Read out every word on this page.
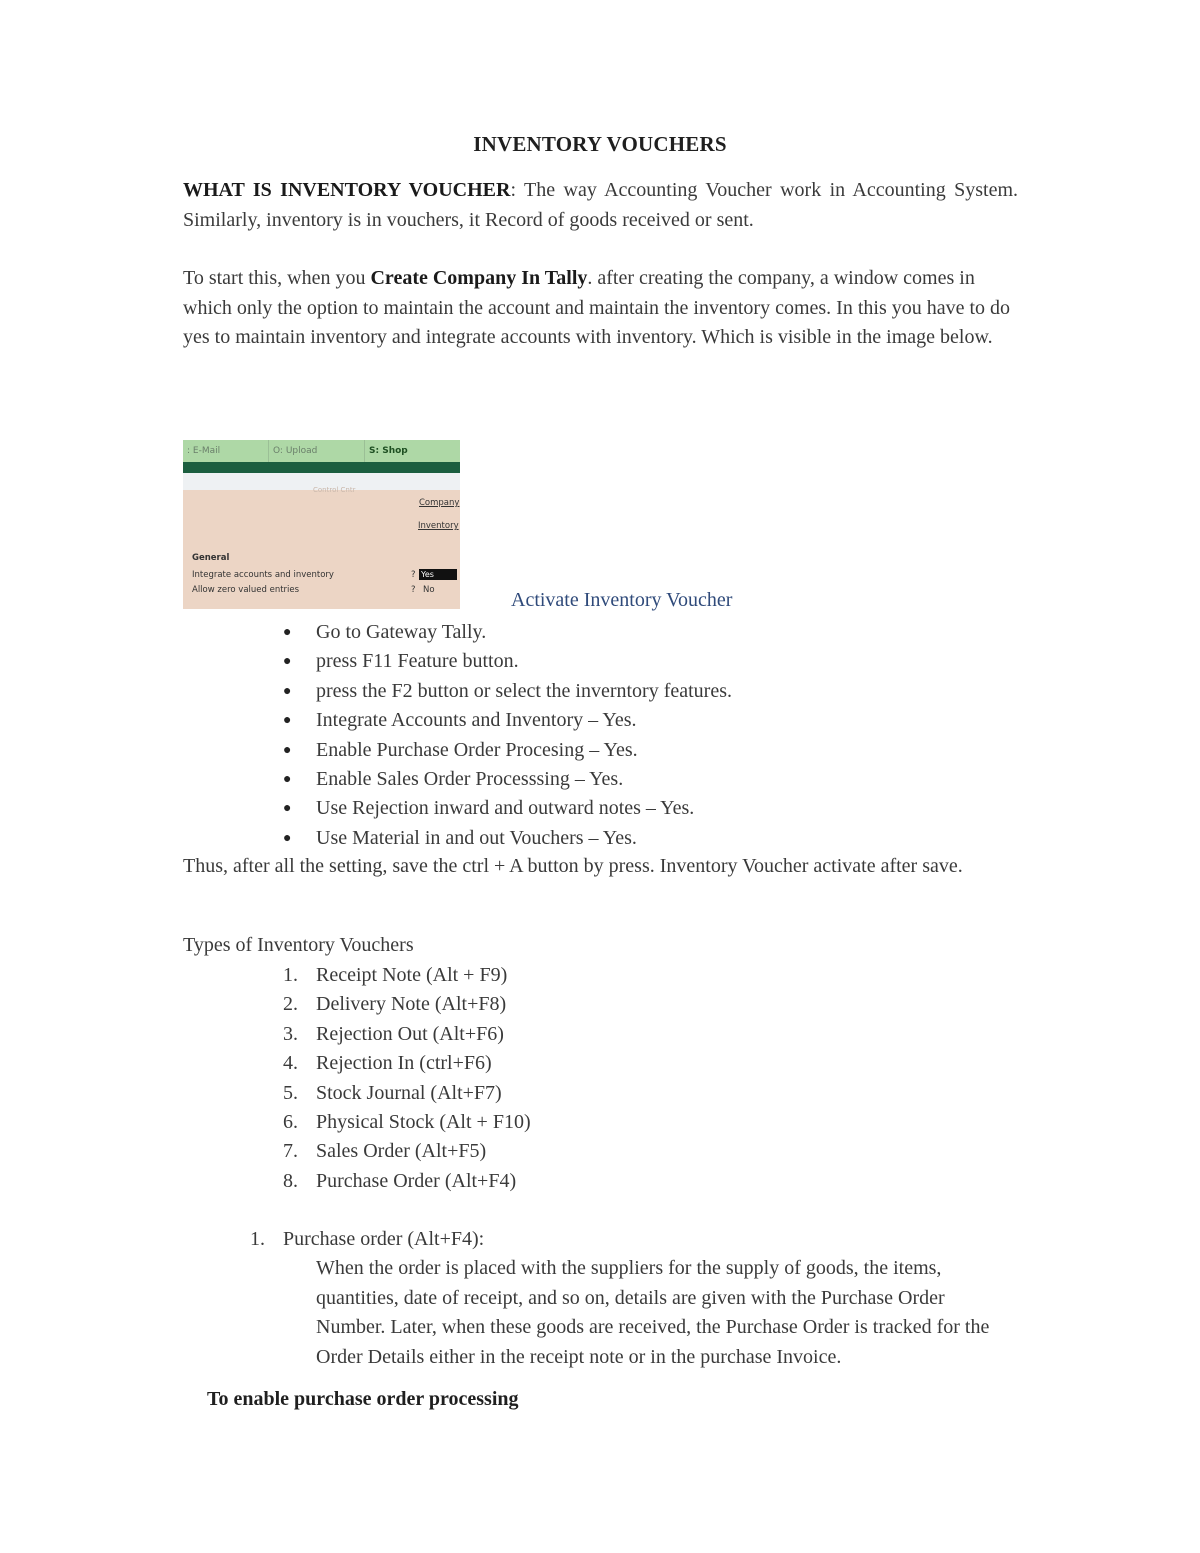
INVENTORY VOUCHERS
WHAT IS INVENTORY VOUCHER: The way Accounting Voucher work in Accounting System. Similarly, inventory is in vouchers, it Record of goods received or sent.
To start this, when you Create Company In Tally. after creating the company, a window comes in which only the option to maintain the account and maintain the inventory comes. In this you have to do yes to maintain inventory and integrate accounts with inventory. Which is visible in the image below.
: E-Mail	O: Upload	S: Shop
Control Cntr
Company
Inventory
General
Integrate accounts and inventory	? Yes
Allow zero valued entries	? No	Activate Inventory Voucher
● Go to Gateway Tally.
● press F11 Feature button.
● press the F2 button or select the inverntory features.
● Integrate Accounts and Inventory – Yes.
● Enable Purchase Order Procesing – Yes.
● Enable Sales Order Processsing – Yes.
● Use Rejection inward and outward notes – Yes.
● Use Material in and out Vouchers – Yes.
Thus, after all the setting, save the ctrl + A button by press. Inventory Voucher activate after save.
Types of Inventory Vouchers
1. Receipt Note (Alt + F9)
2. Delivery Note (Alt+F8)
3. Rejection Out (Alt+F6)
4. Rejection In (ctrl+F6)
5. Stock Journal (Alt+F7)
6. Physical Stock (Alt + F10)
7. Sales Order (Alt+F5)
8. Purchase Order (Alt+F4)
1. Purchase order (Alt+F4):
When the order is placed with the suppliers for the supply of goods, the items, quantities, date of receipt, and so on, details are given with the Purchase Order Number. Later, when these goods are received, the Purchase Order is tracked for the Order Details either in the receipt note or in the purchase Invoice.
To enable purchase order processing
